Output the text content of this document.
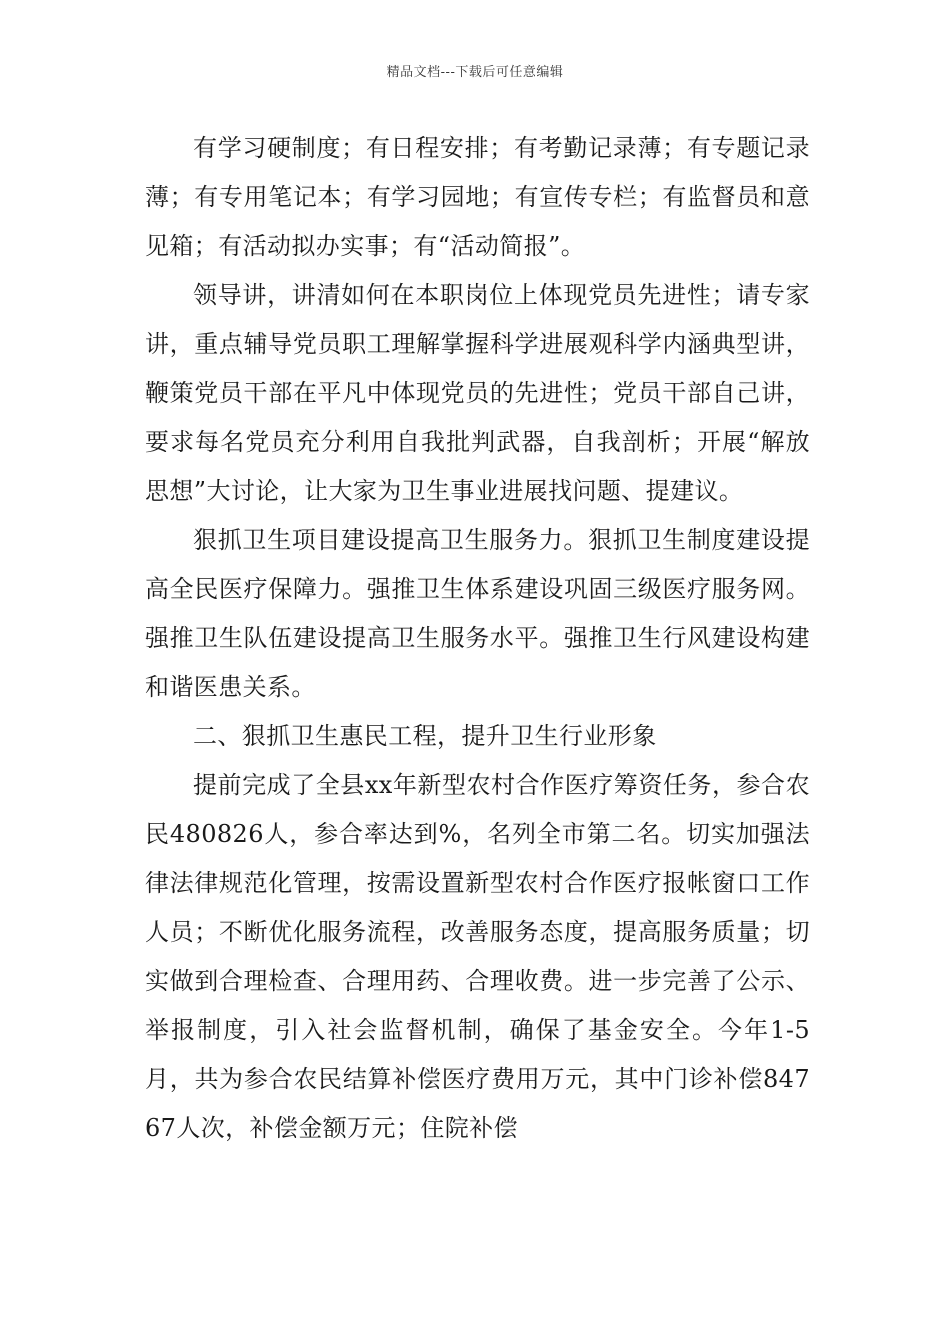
精品文档---下载后可任意编辑

有学习硬制度；有日程安排；有考勤记录薄；有专题记录薄；有专用笔记本；有学习园地；有宣传专栏；有监督员和意见箱；有活动拟办实事；有“活动简报”。

领导讲，讲清如何在本职岗位上体现党员先进性；请专家讲，重点辅导党员职工理解掌握科学进展观科学内涵典型讲，鞭策党员干部在平凡中体现党员的先进性；党员干部自己讲，要求每名党员充分利用自我批判武器，自我剖析；开展“解放思想”大讨论，让大家为卫生事业进展找问题、提建议。

狠抓卫生项目建设提高卫生服务力。狠抓卫生制度建设提高全民医疗保障力。强推卫生体系建设巩固三级医疗服务网。强推卫生队伍建设提高卫生服务水平。强推卫生行风建设构建和谐医患关系。

二、狠抓卫生惠民工程，提升卫生行业形象

提前完成了全县xx年新型农村合作医疗筹资任务，参合农民480826人，参合率达到%，名列全市第二名。切实加强法律法律规范化管理，按需设置新型农村合作医疗报帐窗口工作人员；不断优化服务流程，改善服务态度，提高服务质量；切实做到合理检查、合理用药、合理收费。进一步完善了公示、举报制度，引入社会监督机制，确保了基金安全。今年1-5月，共为参合农民结算补偿医疗费用万元，其中门诊补偿84767人次，补偿金额万元；住院补偿
